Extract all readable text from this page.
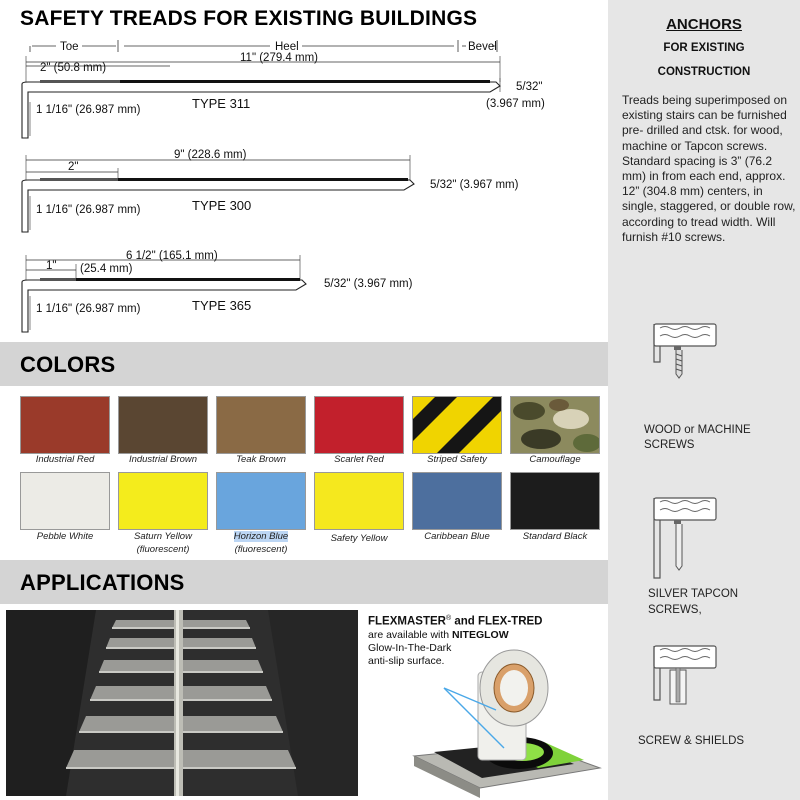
SAFETY TREADS FOR EXISTING BUILDINGS
Toe	Heel	Bevel
11" (279.4 mm)
2" (50.8 mm)
1 1/16" (26.987 mm)
5/32"
(3.967 mm)
TYPE 311
9" (228.6 mm)
2"
1 1/16" (26.987 mm)
5/32" (3.967 mm)
TYPE 300
6 1/2" (165.1 mm)
1" (25.4 mm)
1 1/16" (26.987 mm)
5/32" (3.967 mm)
TYPE 365
COLORS
Industrial Red	Industrial Brown	Teak Brown	Scarlet Red	Striped Safety	Camouflage
Pebble White	Saturn Yellow
(fluorescent)
Horizon Blue
(fluorescent)
Safety Yellow	Caribbean Blue	Standard Black
APPLICATIONS
FLEXMASTER® and FLEX-TRED
are available with NITEGLOW
Glow-In-The-Dark
anti-slip surface.
ANCHORS
FOR EXISTING
CONSTRUCTION
Treads being superimposed on existing stairs can be furnished pre- drilled and ctsk. for wood, machine or Tapcon screws. Standard spacing is 3” (76.2 mm) in from each end, approx. 12” (304.8 mm) centers, in single, staggered, or double row, according to tread width. Will furnish #10 screws.
WOOD or MACHINE
SCREWS
SILVER TAPCON
SCREWS,
SCREW & SHIELDS
